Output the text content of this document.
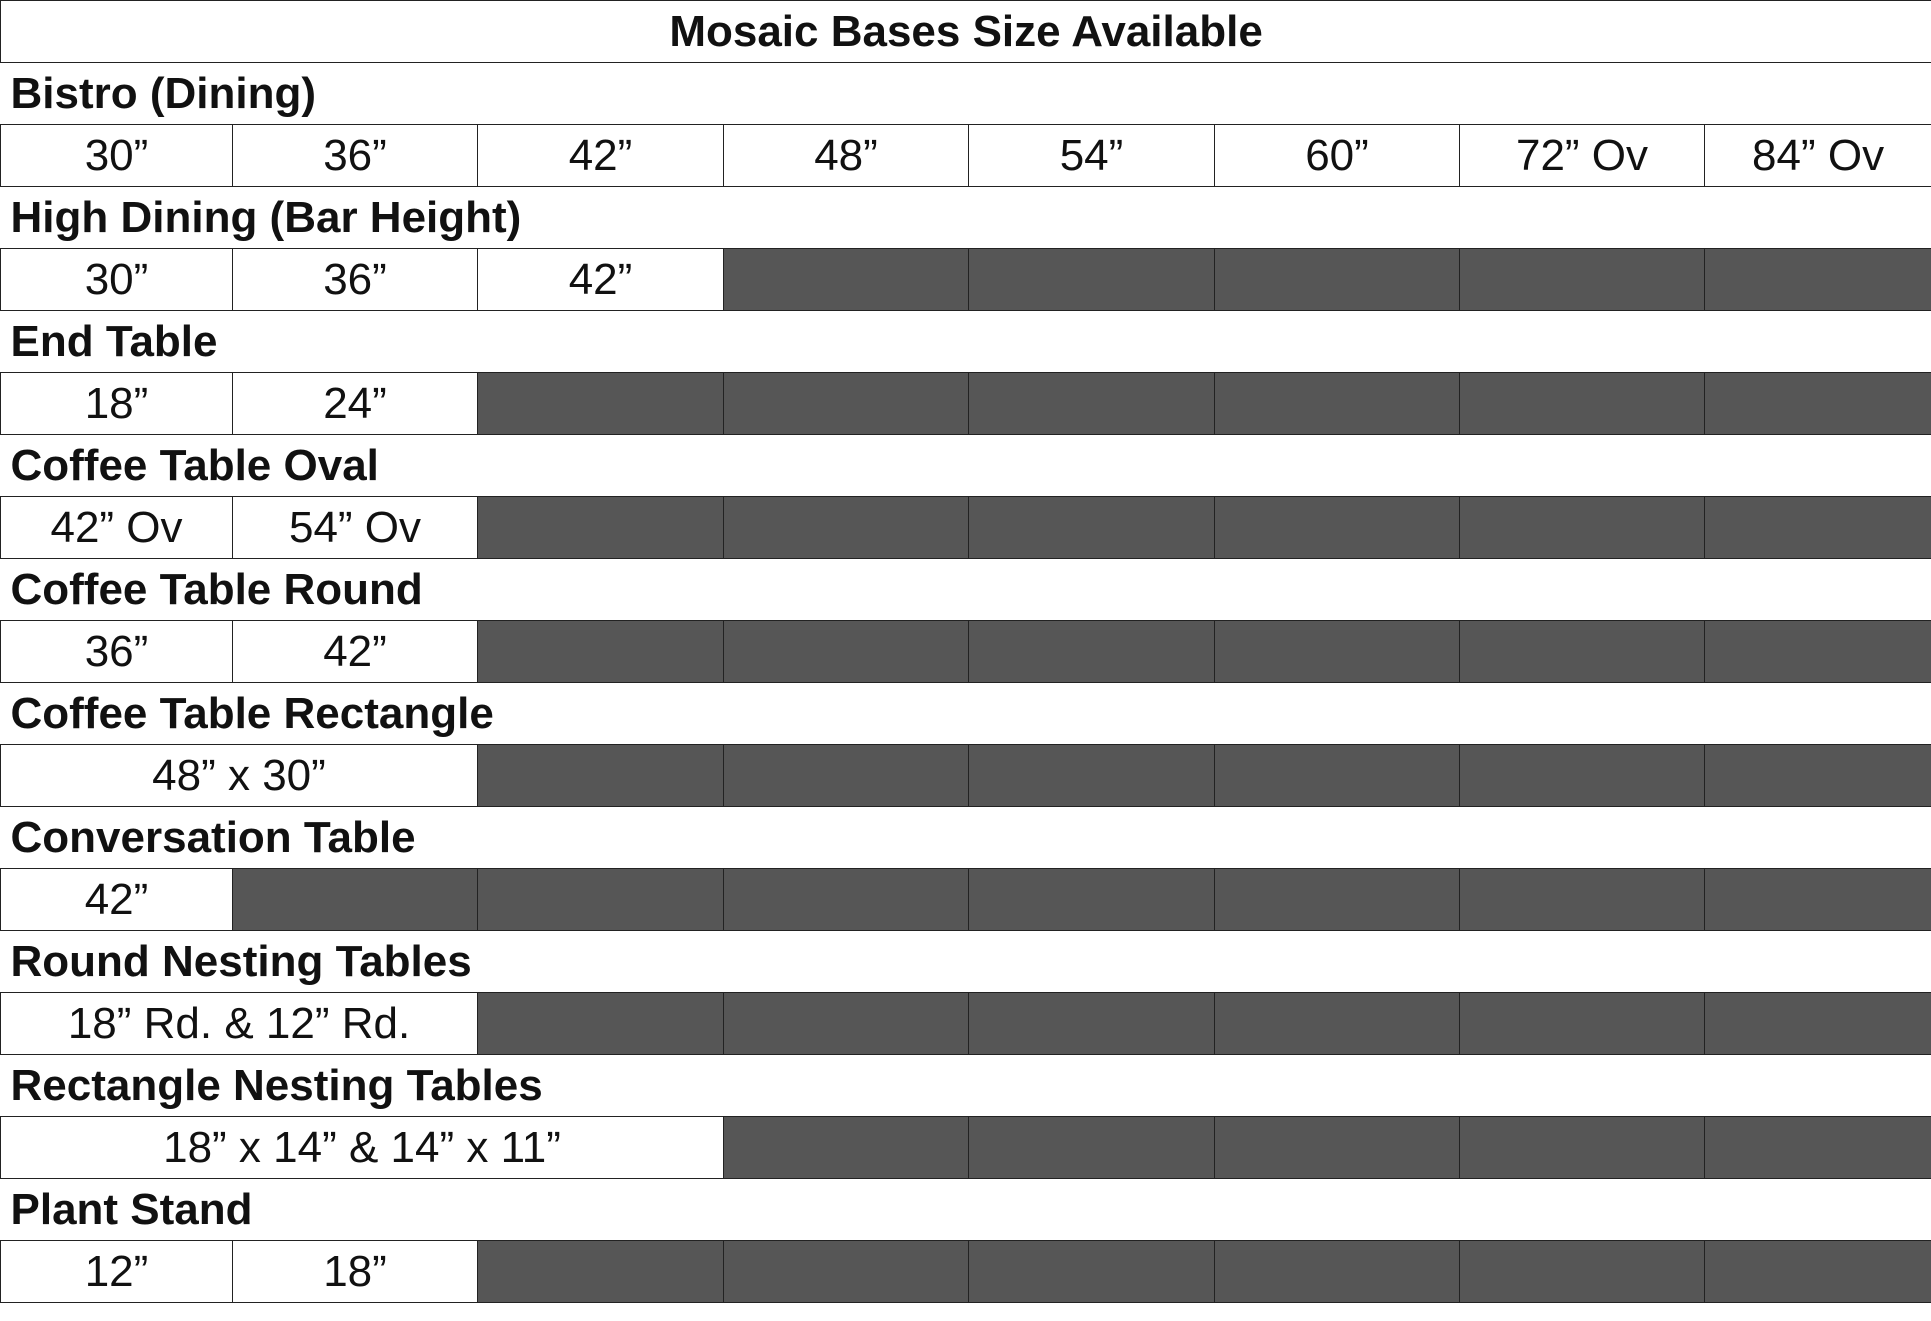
Mosaic Bases Size Available							
Bistro (Dining)							
30”	36”	42”	48”	54”	60”	72” Ov	84” Ov
High Dining (Bar Height)							
30”	36”	42”					
End Table							
18”	24”						
Coffee Table Oval							
42” Ov	54” Ov						
Coffee Table Round							
36”	42”						
Coffee Table Rectangle							
48” x 30”							
Conversation Table							
42”							
Round Nesting Tables							
18” Rd. & 12” Rd.							
Rectangle Nesting Tables							
18” x 14” & 14” x 11”							
Plant Stand							
12”	18”						
